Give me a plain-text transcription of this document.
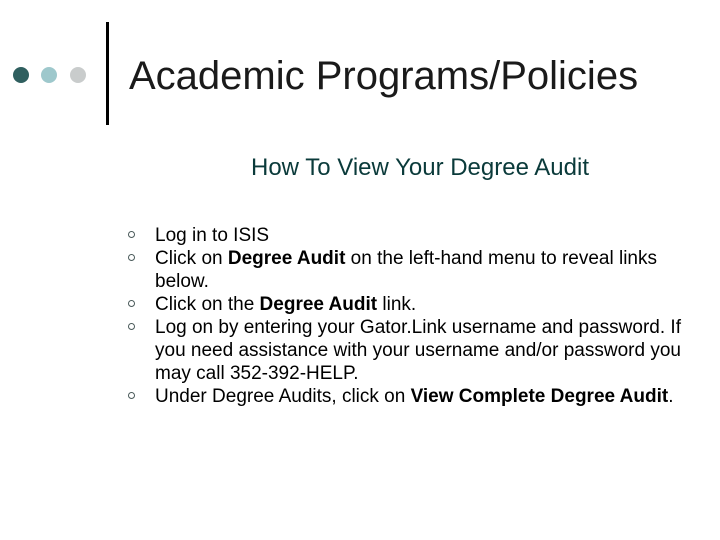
Academic Programs/Policies
How To View Your Degree Audit
Log in to ISIS
Click on Degree Audit on the left-hand menu to reveal links below.
Click on the Degree Audit link.
Log on by entering your Gator.Link username and password. If you need assistance with your username and/or password you may call 352-392-HELP.
Under Degree Audits, click on View Complete Degree Audit.
